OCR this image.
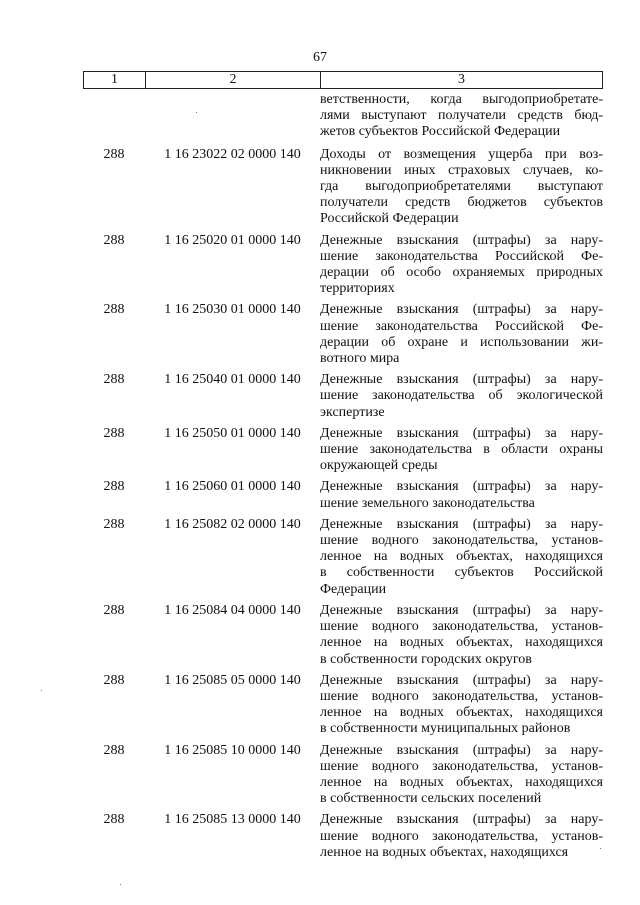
67
1	2	3
ветственности, когда выгодоприобретате-
лями выступают получатели средств бюд-
жетов субъектов Российской Федерации
288	1 16 23022 02 0000 140	Доходы от возмещения ущерба при воз-
никновении иных страховых случаев, ко-
гда выгодоприобретателями выступают
получатели средств бюджетов субъектов
Российской Федерации
288	1 16 25020 01 0000 140	Денежные взыскания (штрафы) за нару-
шение законодательства Российской Фе-
дерации об особо охраняемых природных
территориях
288	1 16 25030 01 0000 140	Денежные взыскания (штрафы) за нару-
шение законодательства Российской Фе-
дерации об охране и использовании жи-
вотного мира
288	1 16 25040 01 0000 140	Денежные взыскания (штрафы) за нару-
шение законодательства об экологической
экспертизе
288	1 16 25050 01 0000 140	Денежные взыскания (штрафы) за нару-
шение законодательства в области охраны
окружающей среды
288	1 16 25060 01 0000 140	Денежные взыскания (штрафы) за нару-
шение земельного законодательства
288	1 16 25082 02 0000 140	Денежные взыскания (штрафы) за нару-
шение водного законодательства, установ-
ленное на водных объектах, находящихся
в собственности субъектов Российской
Федерации
288	1 16 25084 04 0000 140	Денежные взыскания (штрафы) за нару-
шение водного законодательства, установ-
ленное на водных объектах, находящихся
в собственности городских округов
288	1 16 25085 05 0000 140	Денежные взыскания (штрафы) за нару-
шение водного законодательства, установ-
ленное на водных объектах, находящихся
в собственности муниципальных районов
288	1 16 25085 10 0000 140	Денежные взыскания (штрафы) за нару-
шение водного законодательства, установ-
ленное на водных объектах, находящихся
в собственности сельских поселений
288	1 16 25085 13 0000 140	Денежные взыскания (штрафы) за нару-
шение водного законодательства, установ-
ленное на водных объектах, находящихся
